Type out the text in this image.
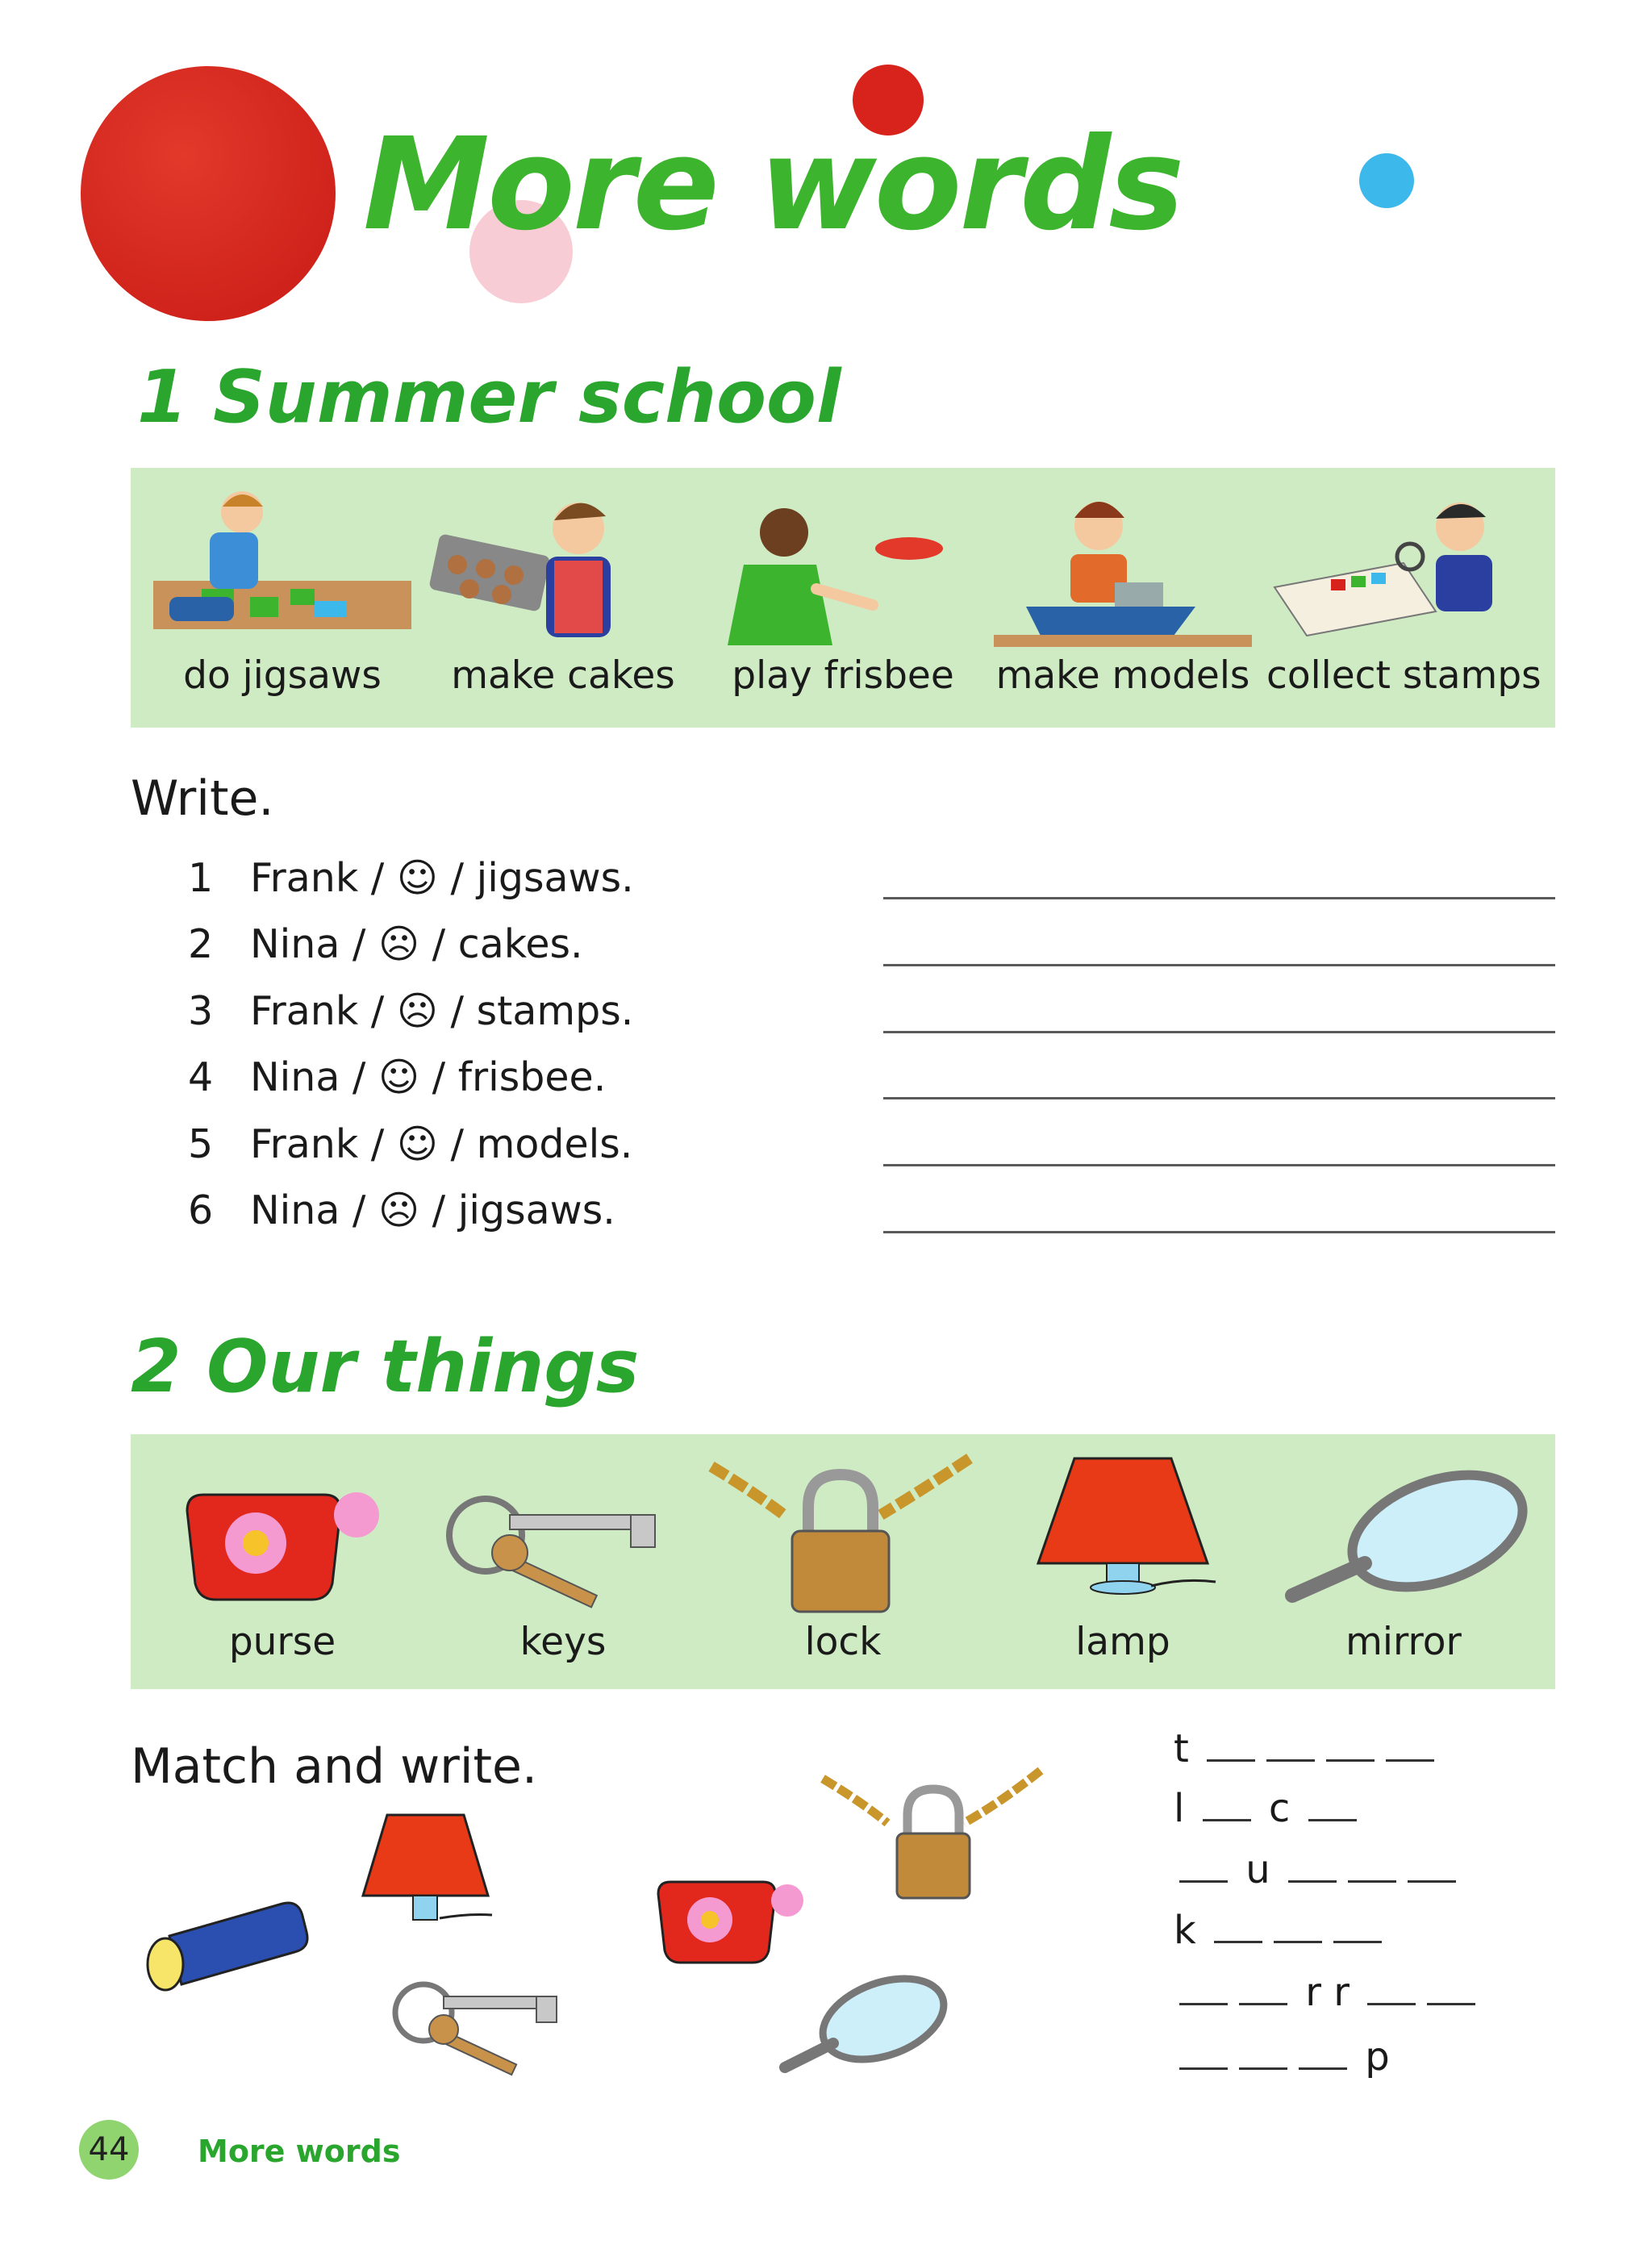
More words
1 Summer school
do jigsaws	make cakes	play frisbee	make models collect stamps
Write.
1 Frank / ☺ / jigsaws.
2 Nina / ☹ / cakes.
3 Frank / ☹ / stamps.
4 Nina / ☺ / frisbee.
5 Frank / ☺ / models.
6 Nina / ☹ / jigsaws.
2 Our things
purse	keys	lock	lamp	mirror
Match and write.	t
l c
u
k
r r
p
44	More words
